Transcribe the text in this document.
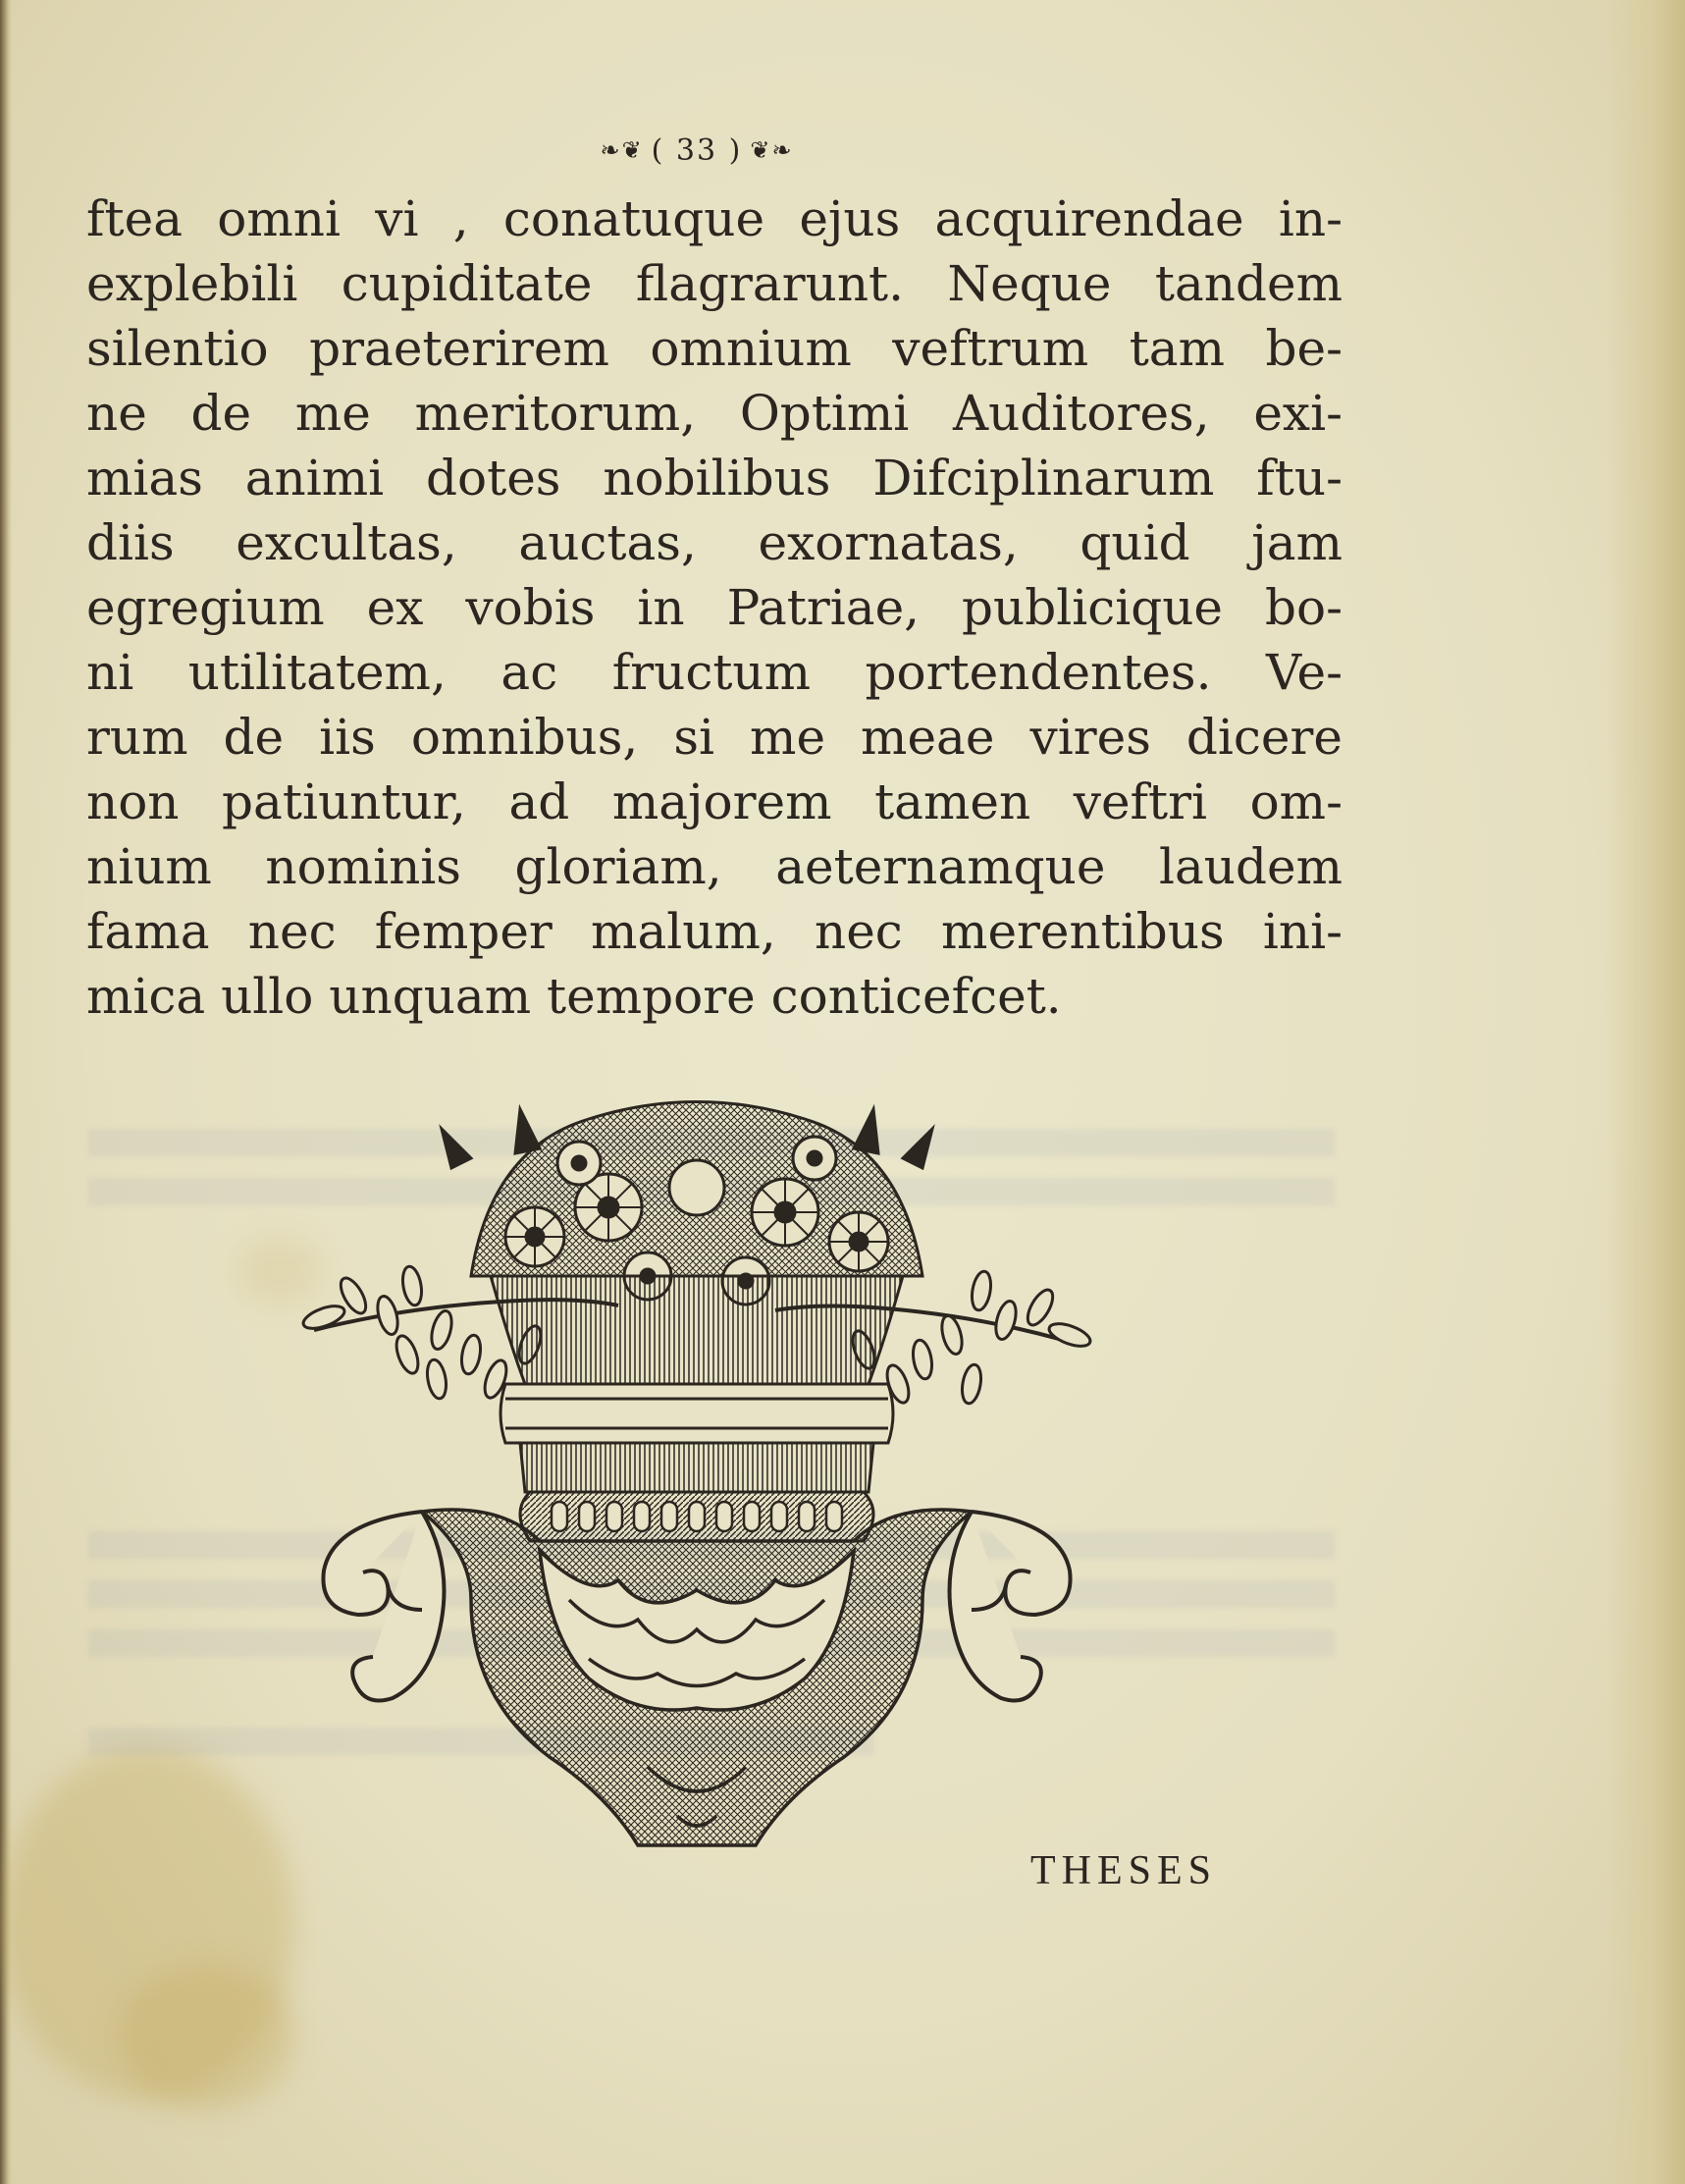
❧❦ ( 33 ) ❦❧
ftea omni vi , conatuque ejus acquirendae in-
explebili cupiditate flagrarunt. Neque tandem
silentio praeterirem omnium veftrum tam be-
ne de me meritorum, Optimi Auditores, exi-
mias animi dotes nobilibus Difciplinarum ftu-
diis excultas, auctas, exornatas, quid jam
egregium ex vobis in Patriae, publicique bo-
ni utilitatem, ac fructum portendentes. Ve-
rum de iis omnibus, si me meae vires dicere
non patiuntur, ad majorem tamen veftri om-
nium nominis gloriam, aeternamque laudem
fama nec femper malum, nec merentibus ini-
mica ullo unquam tempore conticefcet.
THESES
